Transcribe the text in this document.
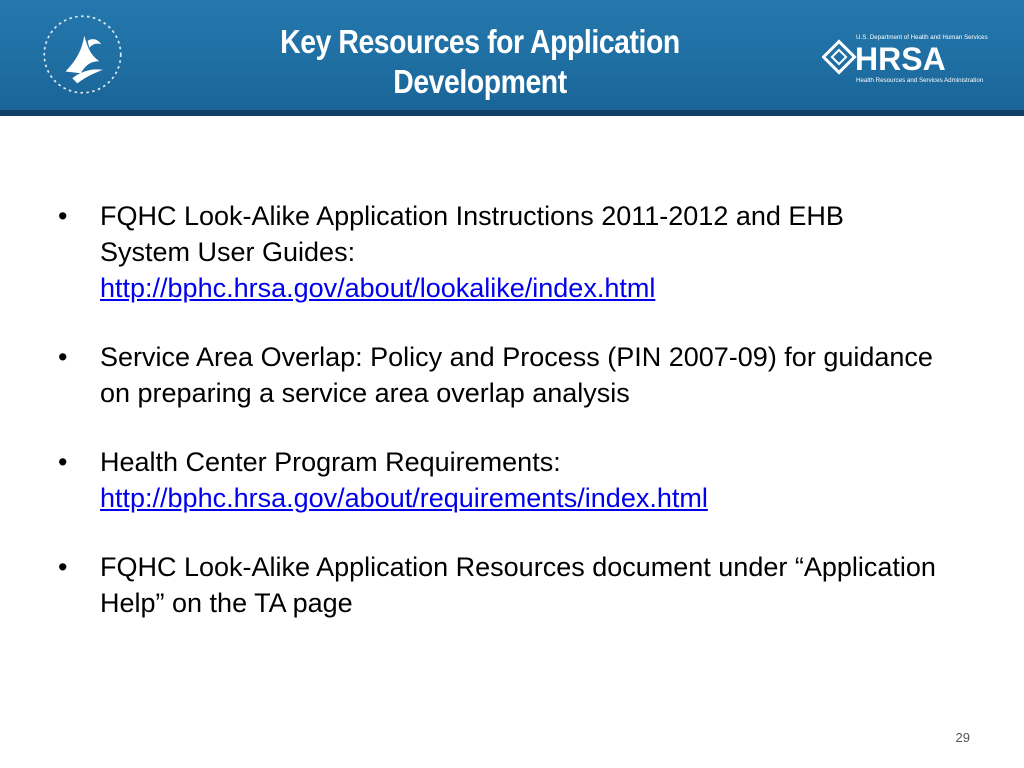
Key Resources for Application
Development
U.S. Department of Health and Human Services
HRSA
Health Resources and Services Administration
•	FQHC Look-Alike Application Instructions 2011-2012 and EHB System User Guides:
http://bphc.hrsa.gov/about/lookalike/index.html
•	Service Area Overlap: Policy and Process (PIN 2007-09) for guidance on preparing a service area overlap analysis
•	Health Center Program Requirements:
http://bphc.hrsa.gov/about/requirements/index.html
•	FQHC Look-Alike Application Resources document under “Application Help” on the TA page
29
